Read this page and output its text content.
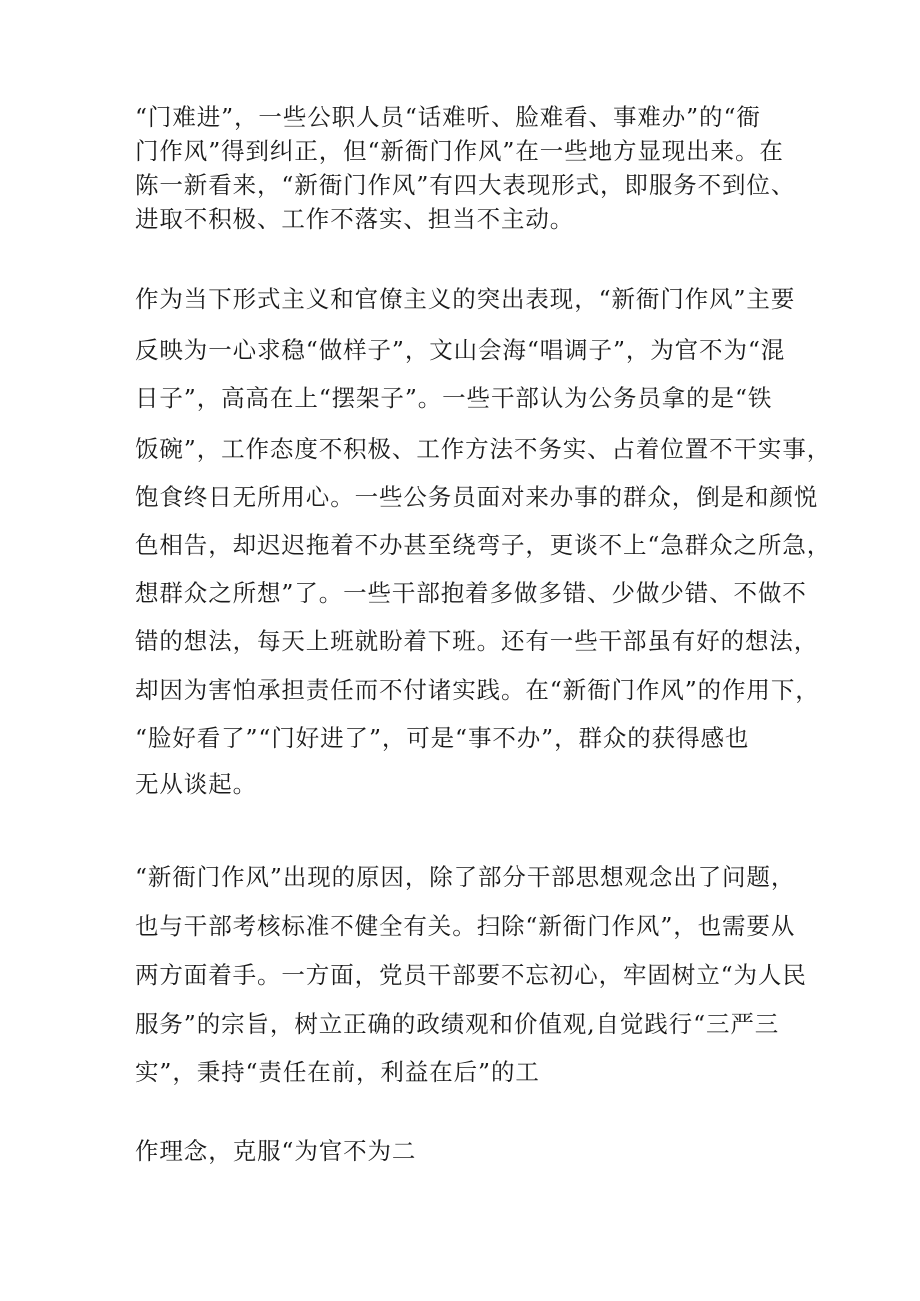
“门难进”，一些公职人员“话难听、脸难看、事难办”的“衙
门作风”得到纠正，但“新衙门作风”在一些地方显现出来。在
陈一新看来，“新衙门作风”有四大表现形式，即服务不到位、
进取不积极、工作不落实、担当不主动。
作为当下形式主义和官僚主义的突出表现，“新衙门作风”主要
反映为一心求稳“做样子”，文山会海“唱调子”，为官不为“混
日子”，高高在上“摆架子”。一些干部认为公务员拿的是“铁
饭碗”，工作态度不积极、工作方法不务实、占着位置不干实事，
饱食终日无所用心。一些公务员面对来办事的群众，倒是和颜悦
色相告，却迟迟拖着不办甚至绕弯子，更谈不上“急群众之所急，
想群众之所想”了。一些干部抱着多做多错、少做少错、不做不
错的想法，每天上班就盼着下班。还有一些干部虽有好的想法，
却因为害怕承担责任而不付诸实践。在“新衙门作风”的作用下，
“脸好看了”“门好进了”，可是“事不办”，群众的获得感也
无从谈起。
“新衙门作风”出现的原因，除了部分干部思想观念出了问题，
也与干部考核标准不健全有关。扫除“新衙门作风”，也需要从
两方面着手。一方面，党员干部要不忘初心，牢固树立“为人民
服务”的宗旨，树立正确的政绩观和价值观,自觉践行“三严三
实”，秉持“责任在前，利益在后”的工
作理念，克服“为官不为二
